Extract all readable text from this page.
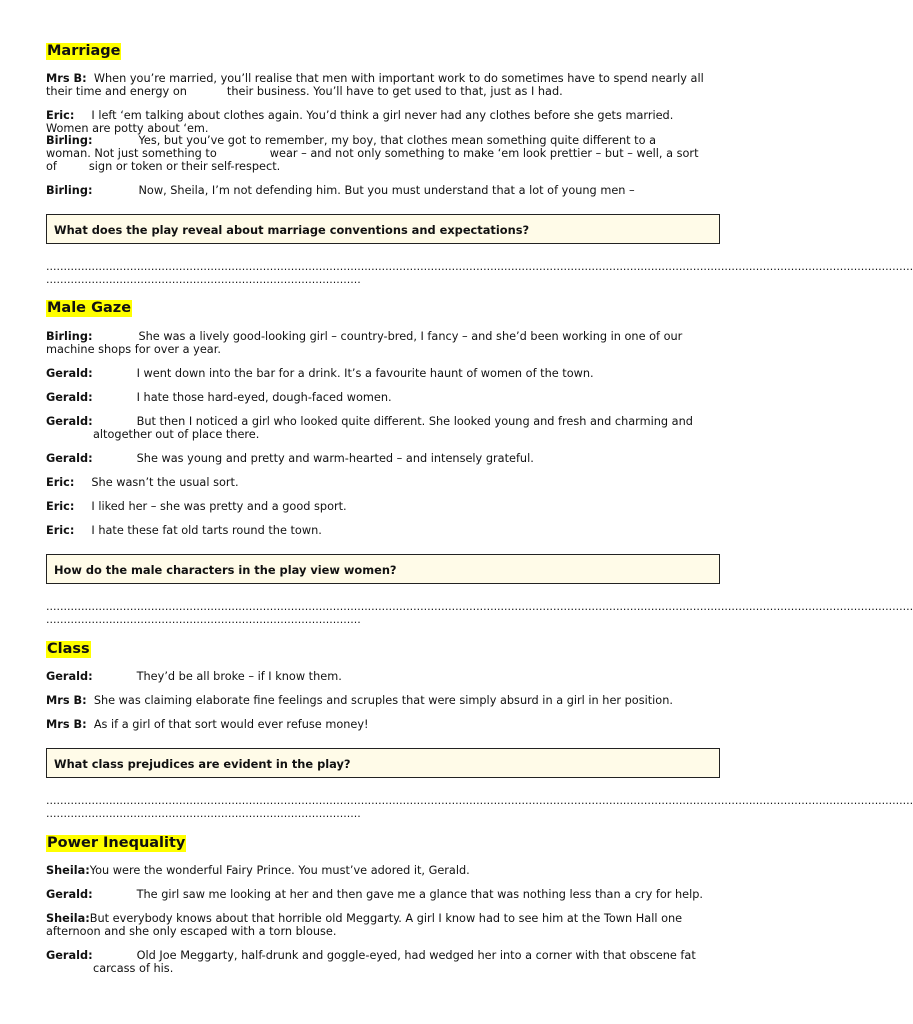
Marriage
Mrs B: When you’re married, you’ll realise that men with important work to do sometimes have to spend nearly all
their time and energy on	their business. You’ll have to get used to that, just as I had.
Eric: I left ‘em talking about clothes again. You’d think a girl never had any clothes before she gets married.
Women are potty about ‘em.
Birling:	Yes, but you’ve got to remember, my boy, that clothes mean something quite different to a
woman. Not just something to	wear – and not only something to make ‘em look prettier – but – well, a sort
of	sign or token or their self-respect.
Birling:	Now, Sheila, I’m not defending him. But you must understand that a lot of young men –
What does the play reveal about marriage conventions and expectations?
........................................................................................................................................................................................................................................................
..........................................................................................
Male Gaze
Birling:	She was a lively good-looking girl – country-bred, I fancy – and she’d been working in one of our
machine shops for over a year.
Gerald:	I went down into the bar for a drink. It’s a favourite haunt of women of the town.
Gerald:	I hate those hard-eyed, dough-faced women.
Gerald:	But then I noticed a girl who looked quite different. She looked young and fresh and charming and
altogether out of place there.
Gerald:	She was young and pretty and warm-hearted – and intensely grateful.
Eric: She wasn’t the usual sort.
Eric: I liked her – she was pretty and a good sport.
Eric: I hate these fat old tarts round the town.
How do the male characters in the play view women?
........................................................................................................................................................................................................................................................
..........................................................................................
Class
Gerald:	They’d be all broke – if I know them.
Mrs B: She was claiming elaborate fine feelings and scruples that were simply absurd in a girl in her position.
Mrs B: As if a girl of that sort would ever refuse money!
What class prejudices are evident in the play?
........................................................................................................................................................................................................................................................
..........................................................................................
Power Inequality
Sheila:You were the wonderful Fairy Prince. You must’ve adored it, Gerald.
Gerald:	The girl saw me looking at her and then gave me a glance that was nothing less than a cry for help.
Sheila:But everybody knows about that horrible old Meggarty. A girl I know had to see him at the Town Hall one
afternoon and she only escaped with a torn blouse.
Gerald:	Old Joe Meggarty, half-drunk and goggle-eyed, had wedged her into a corner with that obscene fat
carcass of his.
